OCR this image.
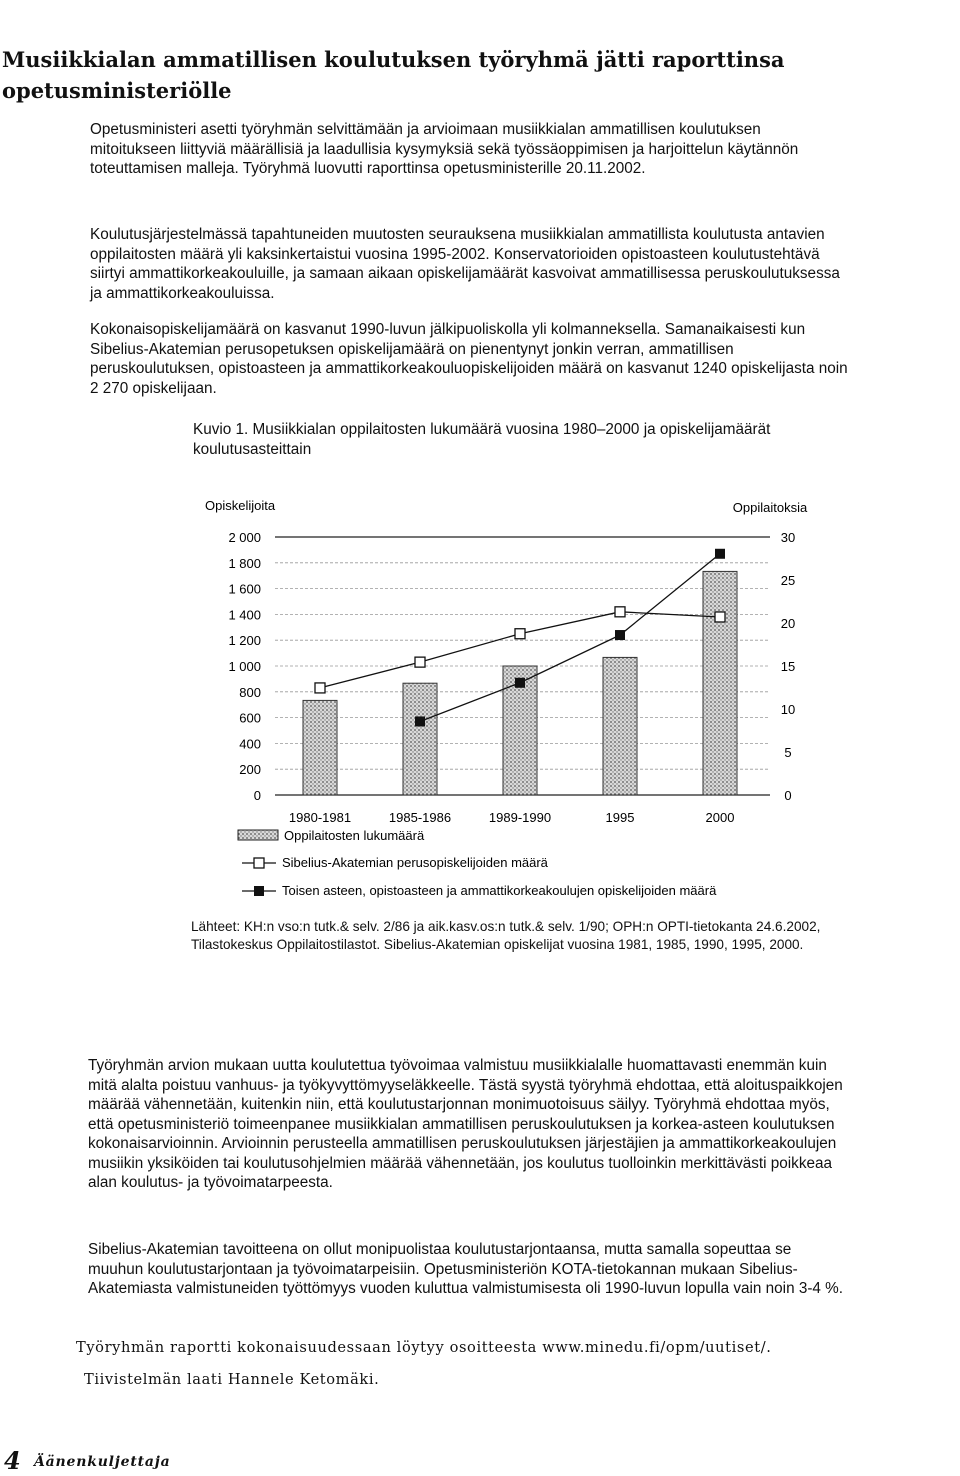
Musiikkialan ammatillisen koulutuksen työryhmä jätti raporttinsa opetusministeriölle

Opetusministeri asetti työryhmän selvittämään ja arvioimaan musiikkialan ammatillisen koulutuksen mitoitukseen liittyviä määrällisiä ja laadullisia kysymyksiä sekä työssäoppimisen ja harjoittelun käytännön toteuttamisen malleja. Työryhmä luovutti raporttinsa opetusministerille 20.11.2002.

Koulutusjärjestelmässä tapahtuneiden muutosten seurauksena musiikkialan ammatillista koulutusta antavien oppilaitosten määrä yli kaksinkertaistui vuosina 1995-2002. Konservatorioiden opistoasteen koulutustehtävä siirtyi ammattikorkeakouluille, ja samaan aikaan opiskelijamäärät kasvoivat ammatillisessa peruskoulutuksessa ja ammattikorkeakouluissa.

Kokonaisopiskelijamäärä on kasvanut 1990-luvun jälkipuoliskolla yli kolmanneksella. Samanaikaisesti kun Sibelius-Akatemian perusopetuksen opiskelijamäärä on pienentynyt jonkin verran, ammatillisen peruskoulutuksen, opistoasteen ja ammattikorkeakouluopiskelijoiden määrä on kasvanut 1240 opiskelijasta noin 2 270 opiskelijaan.

Kuvio 1. Musiikkialan oppilaitosten lukumäärä vuosina 1980–2000 ja opiskelijamäärät koulutusasteittain

Opiskelijoita	Oppilaitoksia
2 000
1 800
1 600
1 400
1 200
1 000
800
600
400
200
0
30
25
20
15
10
5
0
1980-1981	1985-1986	1989-1990	1995	2000
Oppilaitosten lukumäärä
Sibelius-Akatemian perusopiskelijoiden määrä
Toisen asteen, opistoasteen ja ammattikorkeakoulujen opiskelijoiden määrä

Lähteet: KH:n vso:n tutk.& selv. 2/86 ja aik.kasv.os:n tutk.& selv. 1/90; OPH:n OPTI-tietokanta 24.6.2002, Tilastokeskus Oppilaitostilastot. Sibelius-Akatemian opiskelijat vuosina 1981, 1985, 1990, 1995, 2000.

Työryhmän arvion mukaan uutta koulutettua työvoimaa valmistuu musiikkialalle huomattavasti enemmän kuin mitä alalta poistuu vanhuus- ja työkyvyttömyyseläkkeelle. Tästä syystä työryhmä ehdottaa, että aloituspaikkojen määrää vähennetään, kuitenkin niin, että koulutustarjonnan monimuotoisuus säilyy. Työryhmä ehdottaa myös, että opetusministeriö toimeenpanee musiikkialan ammatillisen peruskoulutuksen ja korkea-asteen koulutuksen kokonaisarvioinnin. Arvioinnin perusteella ammatillisen peruskoulutuksen järjestäjien ja ammattikorkeakoulujen musiikin yksiköiden tai koulutusohjelmien määrää vähennetään, jos koulutus tuolloinkin merkittävästi poikkeaa alan koulutus- ja työvoimatarpeesta.

Sibelius-Akatemian tavoitteena on ollut monipuolistaa koulutustarjontaansa, mutta samalla sopeuttaa se muuhun koulutustarjontaan ja työvoimatarpeisiin. Opetusministeriön KOTA-tietokannan mukaan Sibelius-Akatemiasta valmistuneiden työttömyys vuoden kuluttua valmistumisesta oli 1990-luvun lopulla vain noin 3-4 %.

Työryhmän raportti kokonaisuudessaan löytyy osoitteesta www.minedu.fi/opm/uutiset/.

Tiivistelmän laati Hannele Ketomäki.

4 Äänenkuljettaja
